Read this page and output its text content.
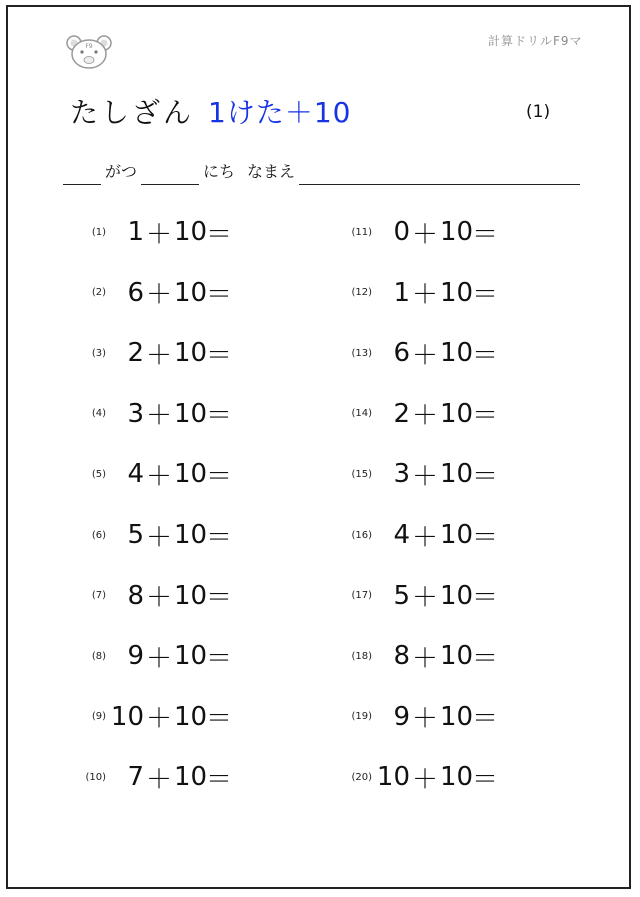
F9	計算ドリルF9マ
たしざん 1けた＋10	(1)
がつ	にち なまえ
(1) 1 ＋ 10
＝
(2) 6 ＋ 10
＝
(3) 2 ＋ 10
＝
(4) 3 ＋ 10
＝
(5) 4 ＋ 10
＝
(6) 5 ＋ 10
＝
(7) 8 ＋ 10
＝
(8) 9 ＋ 10
＝
(9) 10 ＋ 10
＝
(10) 7 ＋ 10
＝
(11) 0 ＋ 10
＝
(12) 1 ＋ 10
＝
(13) 6 ＋ 10
＝
(14) 2 ＋ 10
＝
(15) 3 ＋ 10
＝
(16) 4 ＋ 10
＝
(17) 5 ＋ 10
＝
(18) 8 ＋ 10
＝
(19) 9 ＋ 10
＝
(20) 10 ＋ 10
＝
